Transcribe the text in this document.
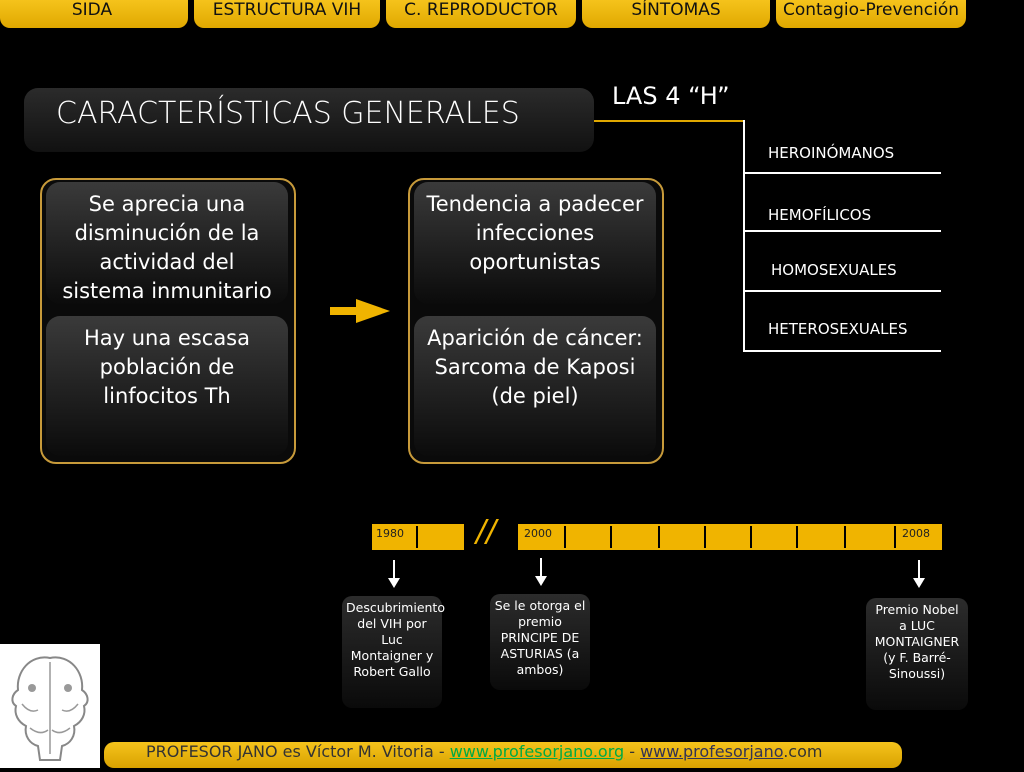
SIDA	ESTRUCTURA VIH	C. REPRODUCTOR	SÍNTOMAS	Contagio-Prevención
CARACTERÍSTICAS GENERALES	LAS 4 “H”
HEROINÓMANOS
HEMOFÍLICOS
HOMOSEXUALES
HETEROSEXUALES
Se aprecia una disminución de la actividad del sistema inmunitario
Hay una escasa población de linfocitos Th
Tendencia a padecer infecciones oportunistas
Aparición de cáncer: Sarcoma de Kaposi (de piel)
1980 //	2000	2008
Descubrimiento del VIH por Luc Montaigner y Robert Gallo
Se le otorga el premio PRINCIPE DE ASTURIAS (a ambos)
Premio Nobel a LUC MONTAIGNER (y F. Barré-Sinoussi)
PROFESOR JANO es Víctor M. Vitoria - www.profesorjano.org - www.profesorjano.com
